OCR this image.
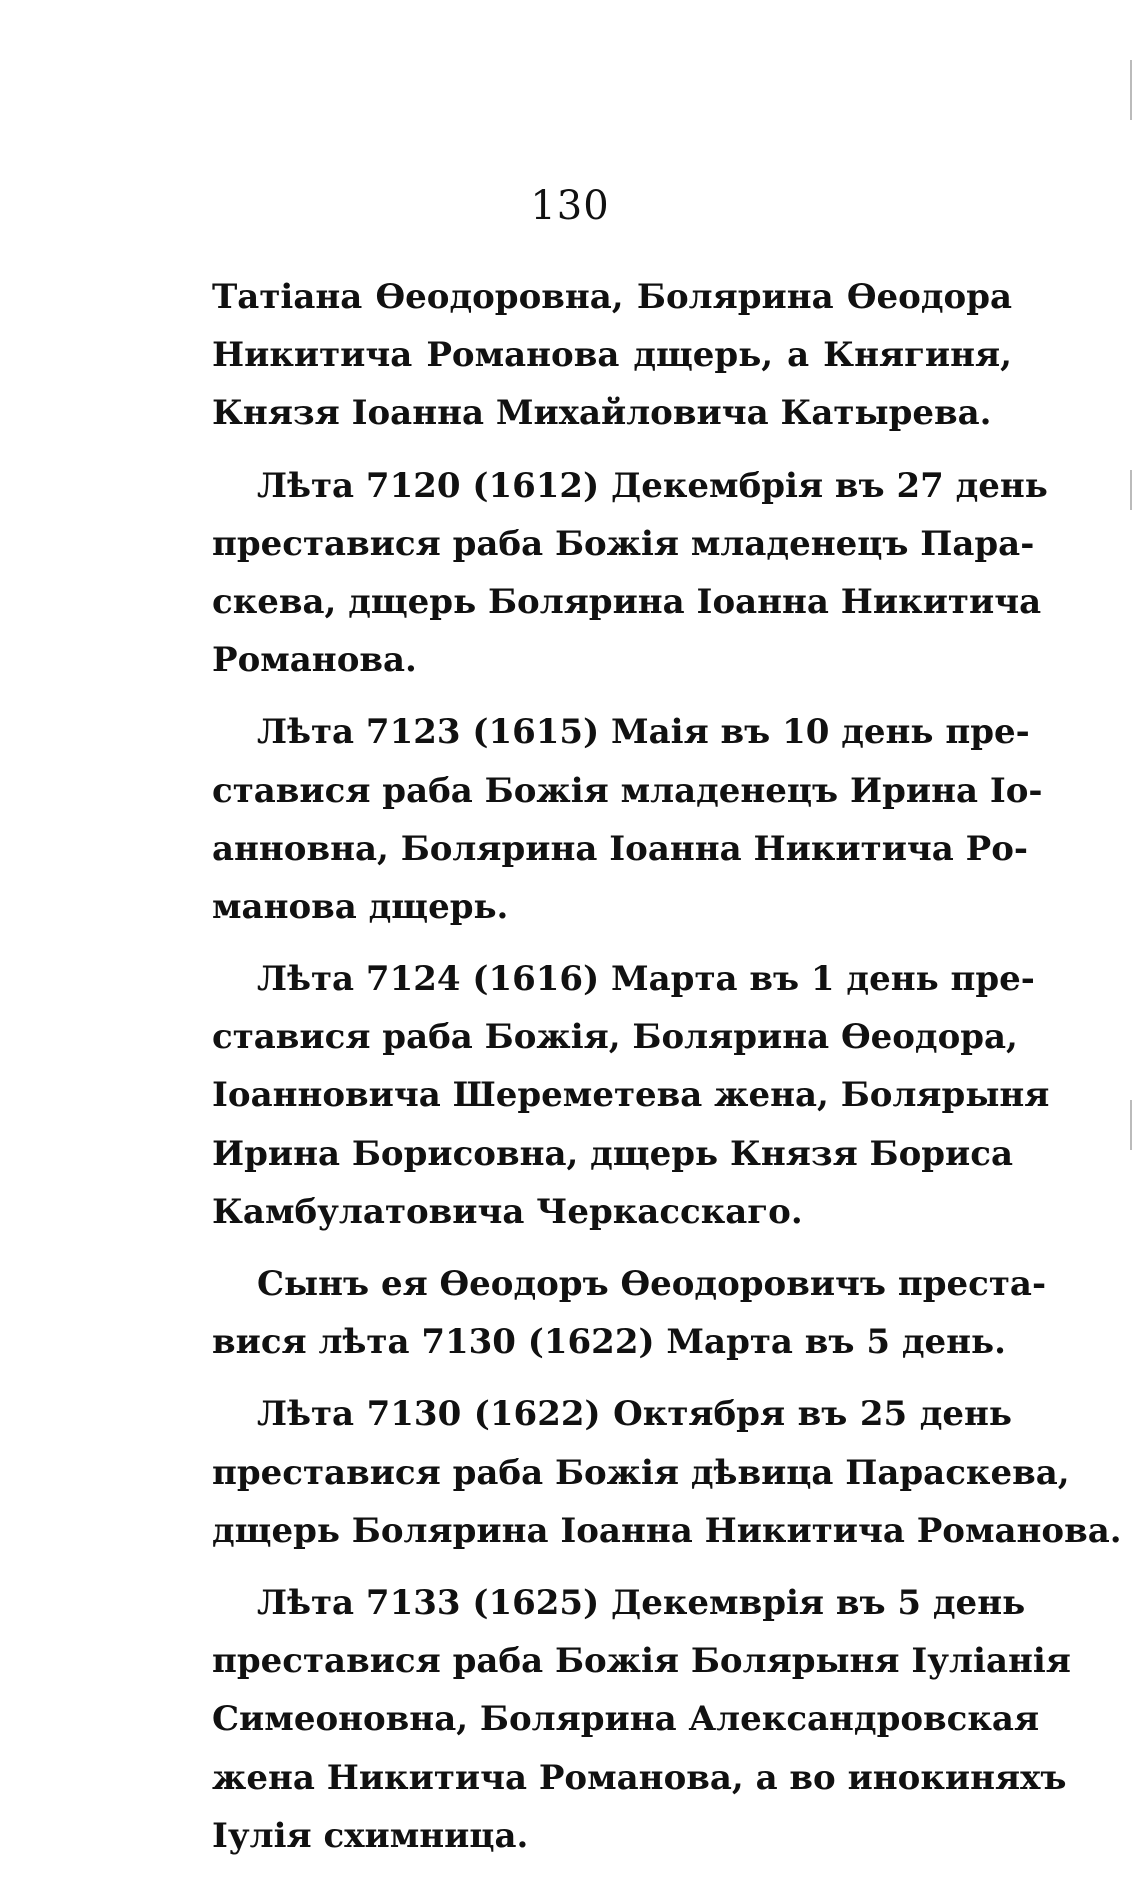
130
Татіана Өеодоровна, Болярина Өеодора
Никитича Романова дщерь, а Княгиня,
Князя Іоанна Михайловича Катырева.
Лѣта 7120 (1612) Декембрія въ 27 день
преставися раба Божія младенецъ Пара-
скева, дщерь Болярина Іоанна Никитича
Романова.
Лѣта 7123 (1615) Маія въ 10 день пре-
ставися раба Божія младенецъ Ирина Іо-
анновна, Болярина Іоанна Никитича Ро-
манова дщерь.
Лѣта 7124 (1616) Марта въ 1 день пре-
ставися раба Божія, Болярина Өеодора,
Іоанновича Шереметева жена, Болярыня
Ирина Борисовна, дщерь Князя Бориса
Камбулатовича Черкасскаго.
Сынъ ея Өеодоръ Өеодоровичъ преста-
вися лѣта 7130 (1622) Марта въ 5 день.
Лѣта 7130 (1622) Октября въ 25 день
преставися раба Божія дѣвица Параскева,
дщерь Болярина Іоанна Никитича Романова.
Лѣта 7133 (1625) Декемврія въ 5 день
преставися раба Божія Болярыня Іуліанія
Симеоновна, Болярина Александровская
жена Никитича Романова, а во инокиняхъ
Іулія схимница.
